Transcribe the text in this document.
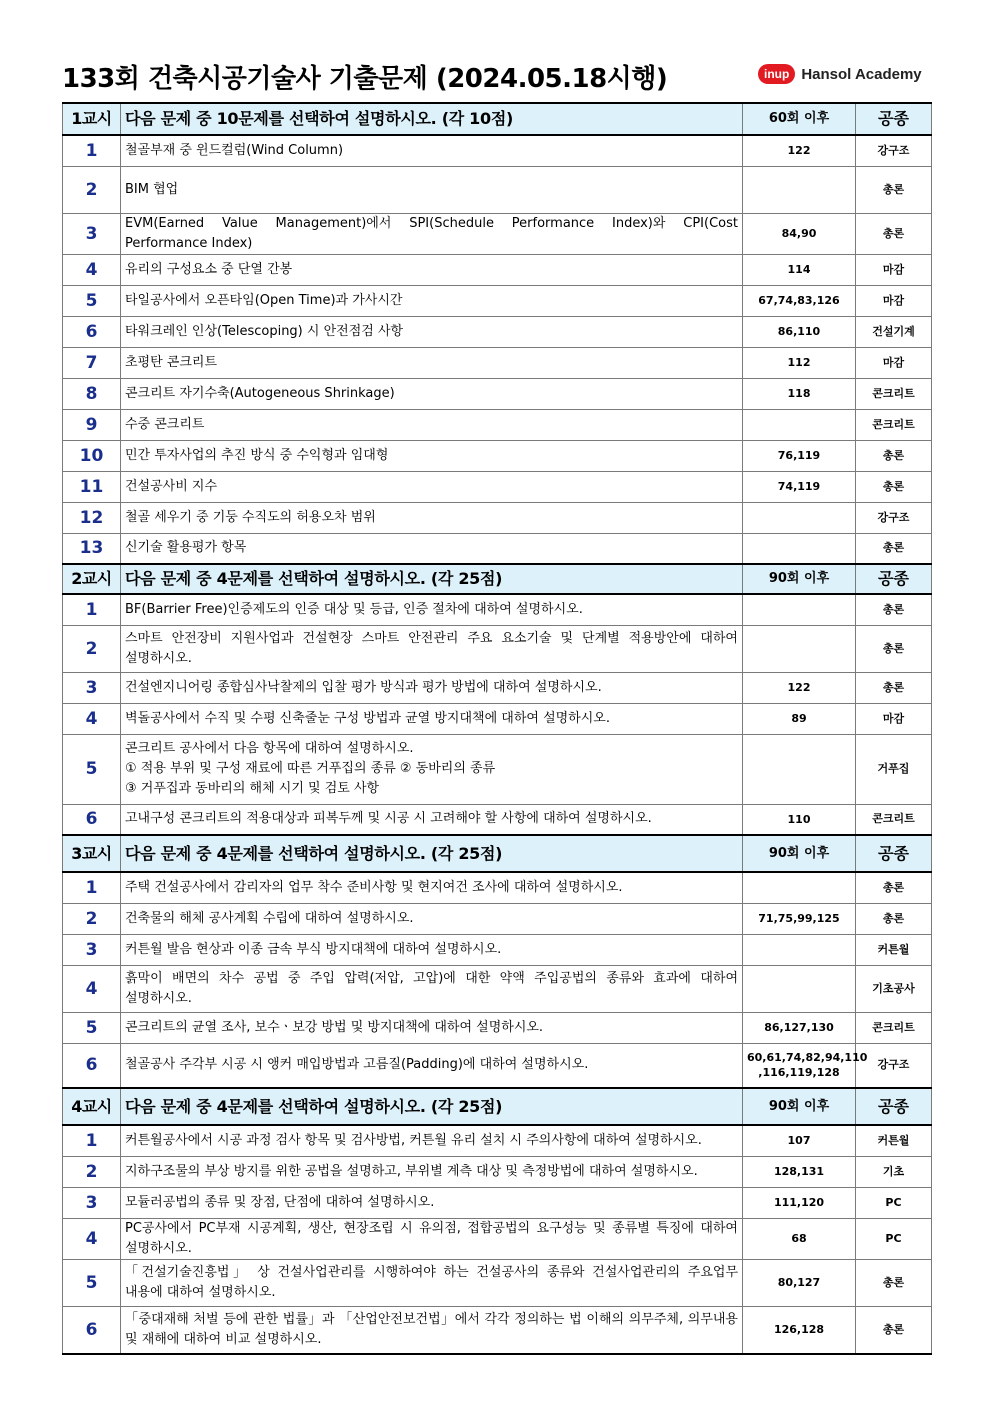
133회 건축시공기술사 기출문제 (2024.05.18시행)	inup Hansol Academy
1교시	다음 문제 중 10문제를 선택하여 설명하시오. (각 10점)	60회 이후	공종
1	철골부재 중 윈드컬럼(Wind Column)	122	강구조
2	BIM 협업		총론
3	EVM(Earned Value Management)에서 SPI(Schedule Performance Index)와 CPI(Cost Performance Index)	84,90	총론
4	유리의 구성요소 중 단열 간봉	114	마감
5	타일공사에서 오픈타임(Open Time)과 가사시간	67,74,83,126	마감
6	타워크레인 인상(Telescoping) 시 안전점검 사항	86,110	건설기계
7	초평탄 콘크리트	112	마감
8	콘크리트 자기수축(Autogeneous Shrinkage)	118	콘크리트
9	수중 콘크리트		콘크리트
10	민간 투자사업의 추진 방식 중 수익형과 임대형	76,119	총론
11	건설공사비 지수	74,119	총론
12	철골 세우기 중 기둥 수직도의 허용오차 범위		강구조
13	신기술 활용평가 항목		총론
2교시	다음 문제 중 4문제를 선택하여 설명하시오. (각 25점)	90회 이후	공종
1	BF(Barrier Free)인증제도의 인증 대상 및 등급, 인증 절차에 대하여 설명하시오.		총론
2	스마트 안전장비 지원사업과 건설현장 스마트 안전관리 주요 요소기술 및 단계별 적용방안에 대하여 설명하시오.		총론
3	건설엔지니어링 종합심사낙찰제의 입찰 평가 방식과 평가 방법에 대하여 설명하시오.	122	총론
4	벽돌공사에서 수직 및 수평 신축줄눈 구성 방법과 균열 방지대책에 대하여 설명하시오.	89	마감
5	콘크리트 공사에서 다음 항목에 대하여 설명하시오.
① 적용 부위 및 구성 재료에 따른 거푸집의 종류 ② 동바리의 종류
③ 거푸집과 동바리의 해체 시기 및 검토 사항		거푸집
6	고내구성 콘크리트의 적용대상과 피복두께 및 시공 시 고려해야 할 사항에 대하여 설명하시오.	110	콘크리트
3교시	다음 문제 중 4문제를 선택하여 설명하시오. (각 25점)	90회 이후	공종
1	주택 건설공사에서 감리자의 업무 착수 준비사항 및 현지여건 조사에 대하여 설명하시오.		총론
2	건축물의 해체 공사계획 수립에 대하여 설명하시오.	71,75,99,125	총론
3	커튼월 발음 현상과 이종 금속 부식 방지대책에 대하여 설명하시오.		커튼월
4	흙막이 배면의 차수 공법 중 주입 압력(저압, 고압)에 대한 약액 주입공법의 종류와 효과에 대하여 설명하시오.		기초공사
5	콘크리트의 균열 조사, 보수ㆍ보강 방법 및 방지대책에 대하여 설명하시오.	86,127,130	콘크리트
6	철골공사 주각부 시공 시 앵커 매입방법과 고름질(Padding)에 대하여 설명하시오.	60,61,74,82,94,110
,116,119,128	강구조
4교시	다음 문제 중 4문제를 선택하여 설명하시오. (각 25점)	90회 이후	공종
1	커튼월공사에서 시공 과정 검사 항목 및 검사방법, 커튼월 유리 설치 시 주의사항에 대하여 설명하시오.	107	커튼월
2	지하구조물의 부상 방지를 위한 공법을 설명하고, 부위별 계측 대상 및 측정방법에 대하여 설명하시오.	128,131	기초
3	모듈러공법의 종류 및 장점, 단점에 대하여 설명하시오.	111,120	PC
4	PC공사에서 PC부재 시공계획, 생산, 현장조립 시 유의점, 접합공법의 요구성능 및 종류별 특징에 대하여 설명하시오.	68	PC
5	「건설기술진흥법」 상 건설사업관리를 시행하여야 하는 건설공사의 종류와 건설사업관리의 주요업무 내용에 대하여 설명하시오.	80,127	총론
6	「중대재해 처벌 등에 관한 법률」과 「산업안전보건법」에서 각각 정의하는 법 이해의 의무주체, 의무내용 및 재해에 대하여 비교 설명하시오.	126,128	총론
